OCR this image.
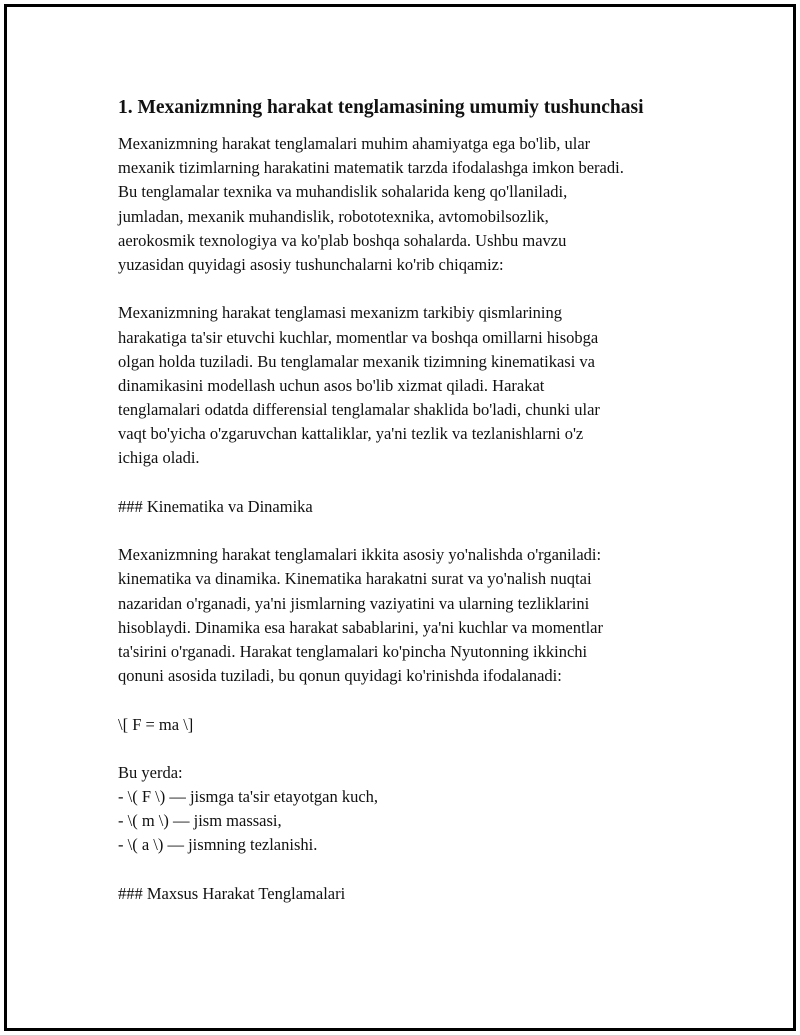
1. Mexanizmning harakat tenglamasining umumiy tushunchasi
Mexanizmning harakat tenglamalari muhim ahamiyatga ega bo'lib, ular
mexanik tizimlarning harakatini matematik tarzda ifodalashga imkon beradi.
Bu tenglamalar texnika va muhandislik sohalarida keng qo'llaniladi,
jumladan, mexanik muhandislik, robototexnika, avtomobilsozlik,
aerokosmik texnologiya va ko'plab boshqa sohalarda. Ushbu mavzu
yuzasidan quyidagi asosiy tushunchalarni ko'rib chiqamiz:
Mexanizmning harakat tenglamasi mexanizm tarkibiy qismlarining
harakatiga ta'sir etuvchi kuchlar, momentlar va boshqa omillarni hisobga
olgan holda tuziladi. Bu tenglamalar mexanik tizimning kinematikasi va
dinamikasini modellash uchun asos bo'lib xizmat qiladi. Harakat
tenglamalari odatda differensial tenglamalar shaklida bo'ladi, chunki ular
vaqt bo'yicha o'zgaruvchan kattaliklar, ya'ni tezlik va tezlanishlarni o'z
ichiga oladi.
### Kinematika va Dinamika
Mexanizmning harakat tenglamalari ikkita asosiy yo'nalishda o'rganiladi:
kinematika va dinamika. Kinematika harakatni surat va yo'nalish nuqtai
nazaridan o'rganadi, ya'ni jismlarning vaziyatini va ularning tezliklarini
hisoblaydi. Dinamika esa harakat sabablarini, ya'ni kuchlar va momentlar
ta'sirini o'rganadi. Harakat tenglamalari ko'pincha Nyutonning ikkinchi
qonuni asosida tuziladi, bu qonun quyidagi ko'rinishda ifodalanadi:
\[ F = ma \]
Bu yerda:
- \( F \) — jismga ta'sir etayotgan kuch,
- \( m \) — jism massasi,
- \( a \) — jismning tezlanishi.
### Maxsus Harakat Tenglamalari
